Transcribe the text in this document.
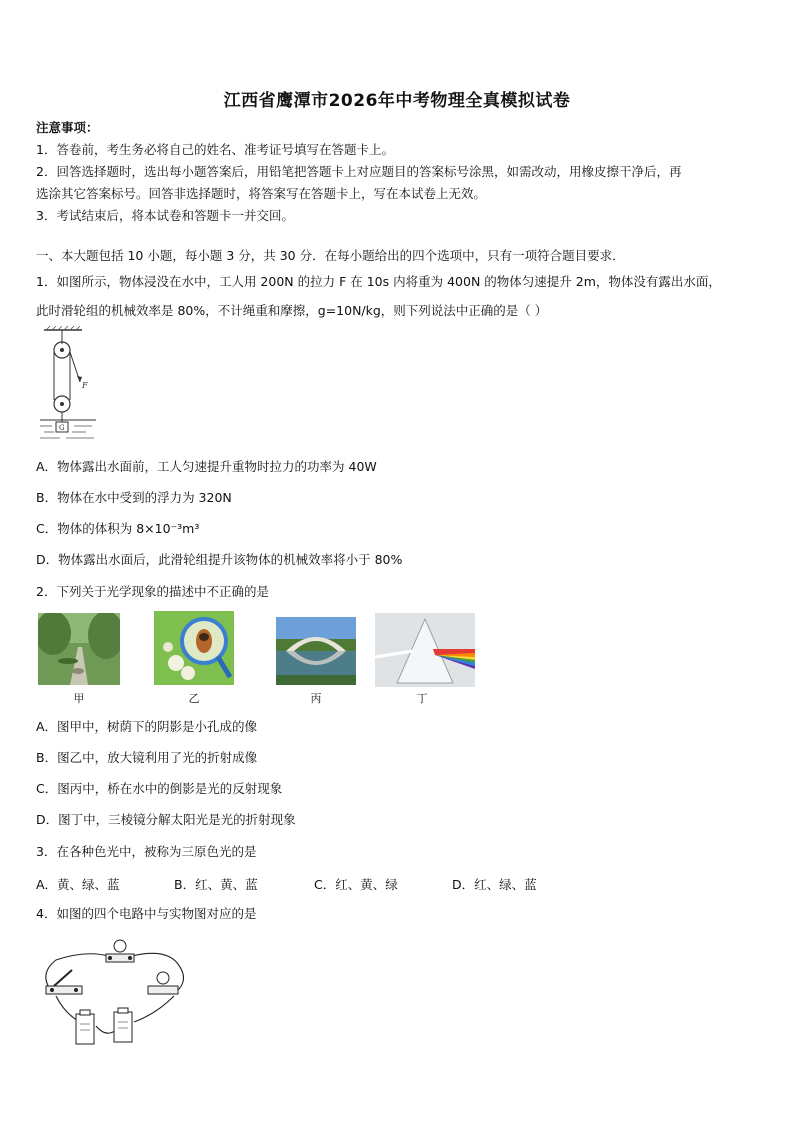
江西省鹰潭市2026年中考物理全真模拟试卷
注意事项：
1．答卷前，考生务必将自己的姓名、准考证号填写在答题卡上。
2．回答选择题时，选出每小题答案后，用铅笔把答题卡上对应题目的答案标号涂黑，如需改动，用橡皮擦干净后，再
选涂其它答案标号。回答非选择题时，将答案写在答题卡上，写在本试卷上无效。
3．考试结束后，将本试卷和答题卡一并交回。
一、本大题包括 10 小题，每小题 3 分，共 30 分．在每小题给出的四个选项中，只有一项符合题目要求．
1．如图所示，物体浸没在水中，工人用 200N 的拉力 F 在 10s 内将重为 400N 的物体匀速提升 2m，物体没有露出水面，
此时滑轮组的机械效率是 80%，不计绳重和摩擦，g=10N/kg，则下列说法中正确的是（ ）
F
G
A．物体露出水面前，工人匀速提升重物时拉力的功率为 40W
B．物体在水中受到的浮力为 320N
C．物体的体积为 8×10⁻³m³
D．物体露出水面后，此滑轮组提升该物体的机械效率将小于 80%
2．下列关于光学现象的描述中不正确的是
甲	乙	丙	丁
A．图甲中，树荫下的阴影是小孔成的像
B．图乙中，放大镜利用了光的折射成像
C．图丙中，桥在水中的倒影是光的反射现象
D．图丁中，三棱镜分解太阳光是光的折射现象
3．在各种色光中，被称为三原色光的是
A．黄、绿、蓝	B．红、黄、蓝	C．红、黄、绿	D．红、绿、蓝
4．如图的四个电路中与实物图对应的是
